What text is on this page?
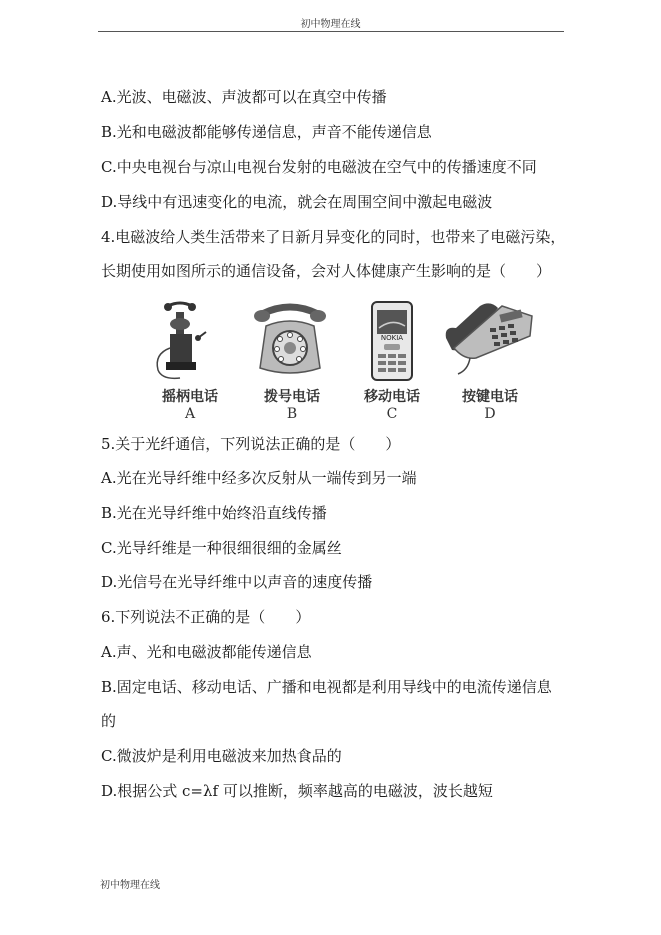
初中物理在线
A.光波、电磁波、声波都可以在真空中传播
B.光和电磁波都能够传递信息，声音不能传递信息
C.中央电视台与凉山电视台发射的电磁波在空气中的传播速度不同
D.导线中有迅速变化的电流，就会在周围空间中激起电磁波
4.电磁波给人类生活带来了日新月异变化的同时，也带来了电磁污染，
长期使用如图所示的通信设备，会对人体健康产生影响的是（　　）
摇柄电话
A
拨号电话
B
NOKIA
移动电话
C
按键电话
D
5.关于光纤通信，下列说法正确的是（　　）
A.光在光导纤维中经多次反射从一端传到另一端
B.光在光导纤维中始终沿直线传播
C.光导纤维是一种很细很细的金属丝
D.光信号在光导纤维中以声音的速度传播
6.下列说法不正确的是（　　）
A.声、光和电磁波都能传递信息
B.固定电话、移动电话、广播和电视都是利用导线中的电流传递信息
的
C.微波炉是利用电磁波来加热食品的
D.根据公式 c=λf 可以推断，频率越高的电磁波，波长越短
初中物理在线
